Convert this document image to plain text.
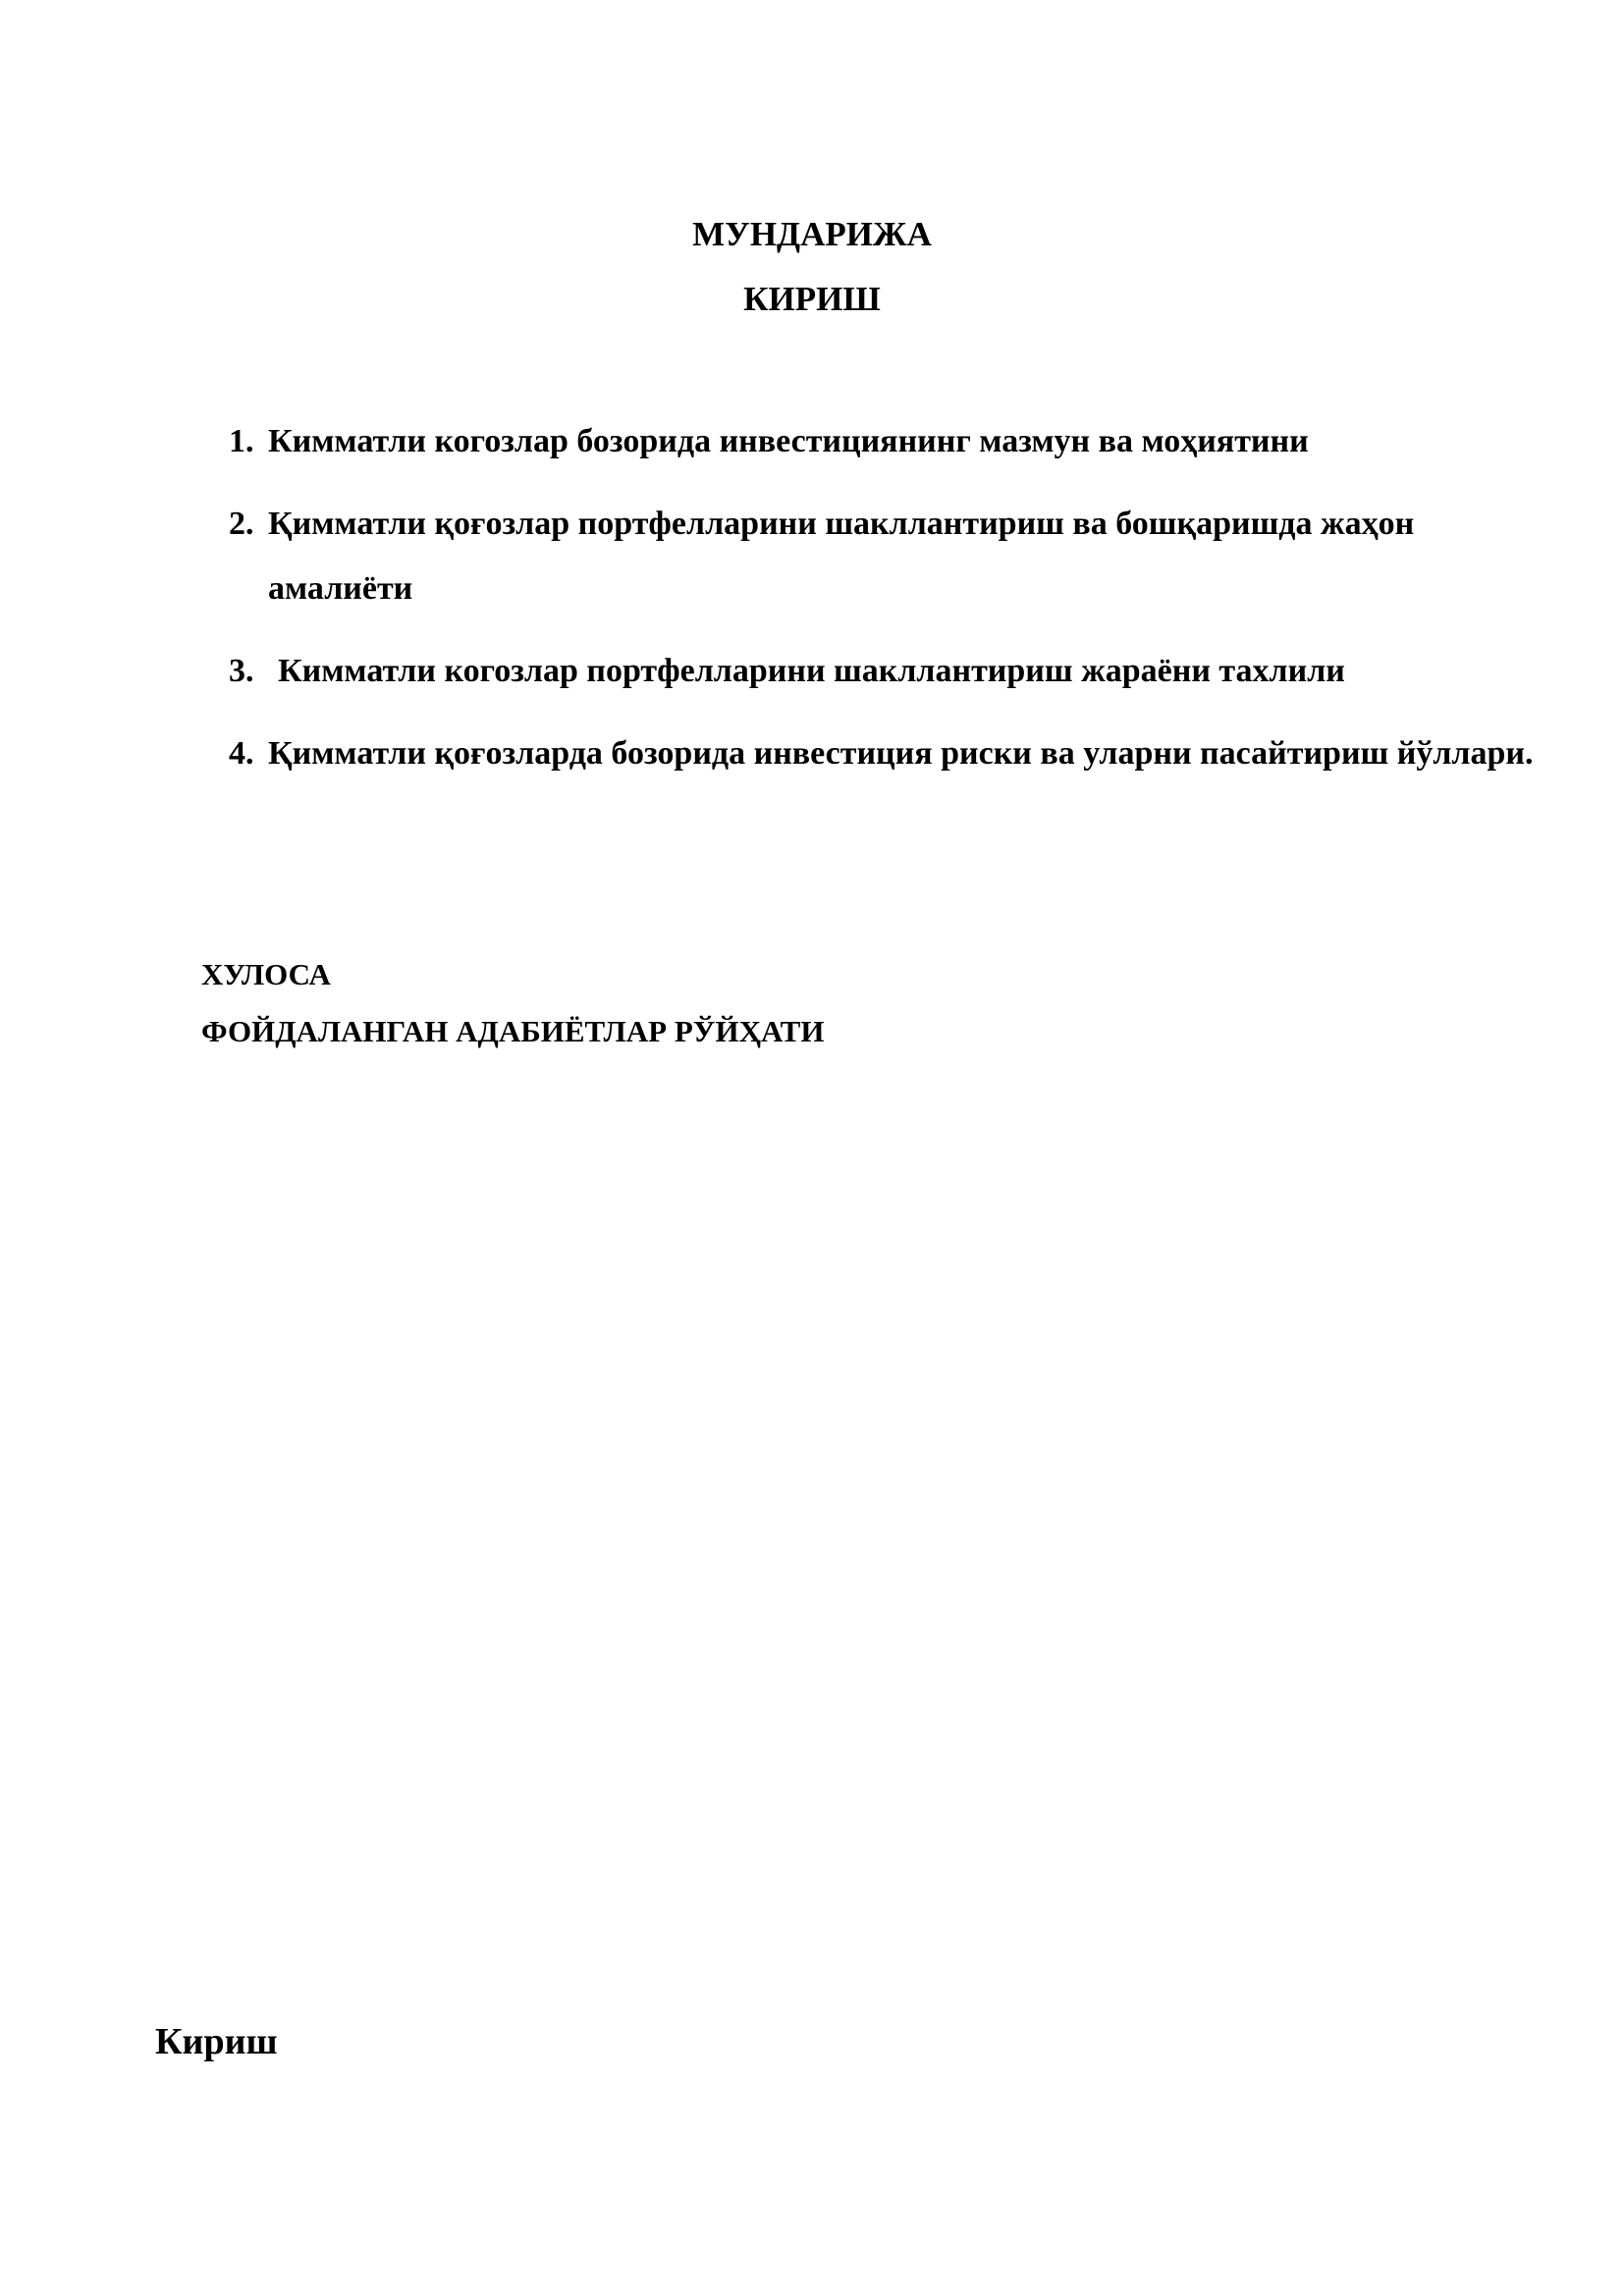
МУНДАРИЖА
КИРИШ
1. Кимматли когозлар бозорида инвестициянинг мазмун ва моҳиятини
2. Қимматли қоғозлар портфелларини шакллантириш ва бошқаришда жаҳон амалиёти
3. Кимматли когозлар портфелларини шакллантириш жараёни тахлили
4. Қимматли қоғозларда бозорида инвестиция риски ва уларни пасайтириш йўллари.
ХУЛОСА
ФОЙДАЛАНГАН АДАБИЁТЛАР РЎЙҲАТИ
Кириш
